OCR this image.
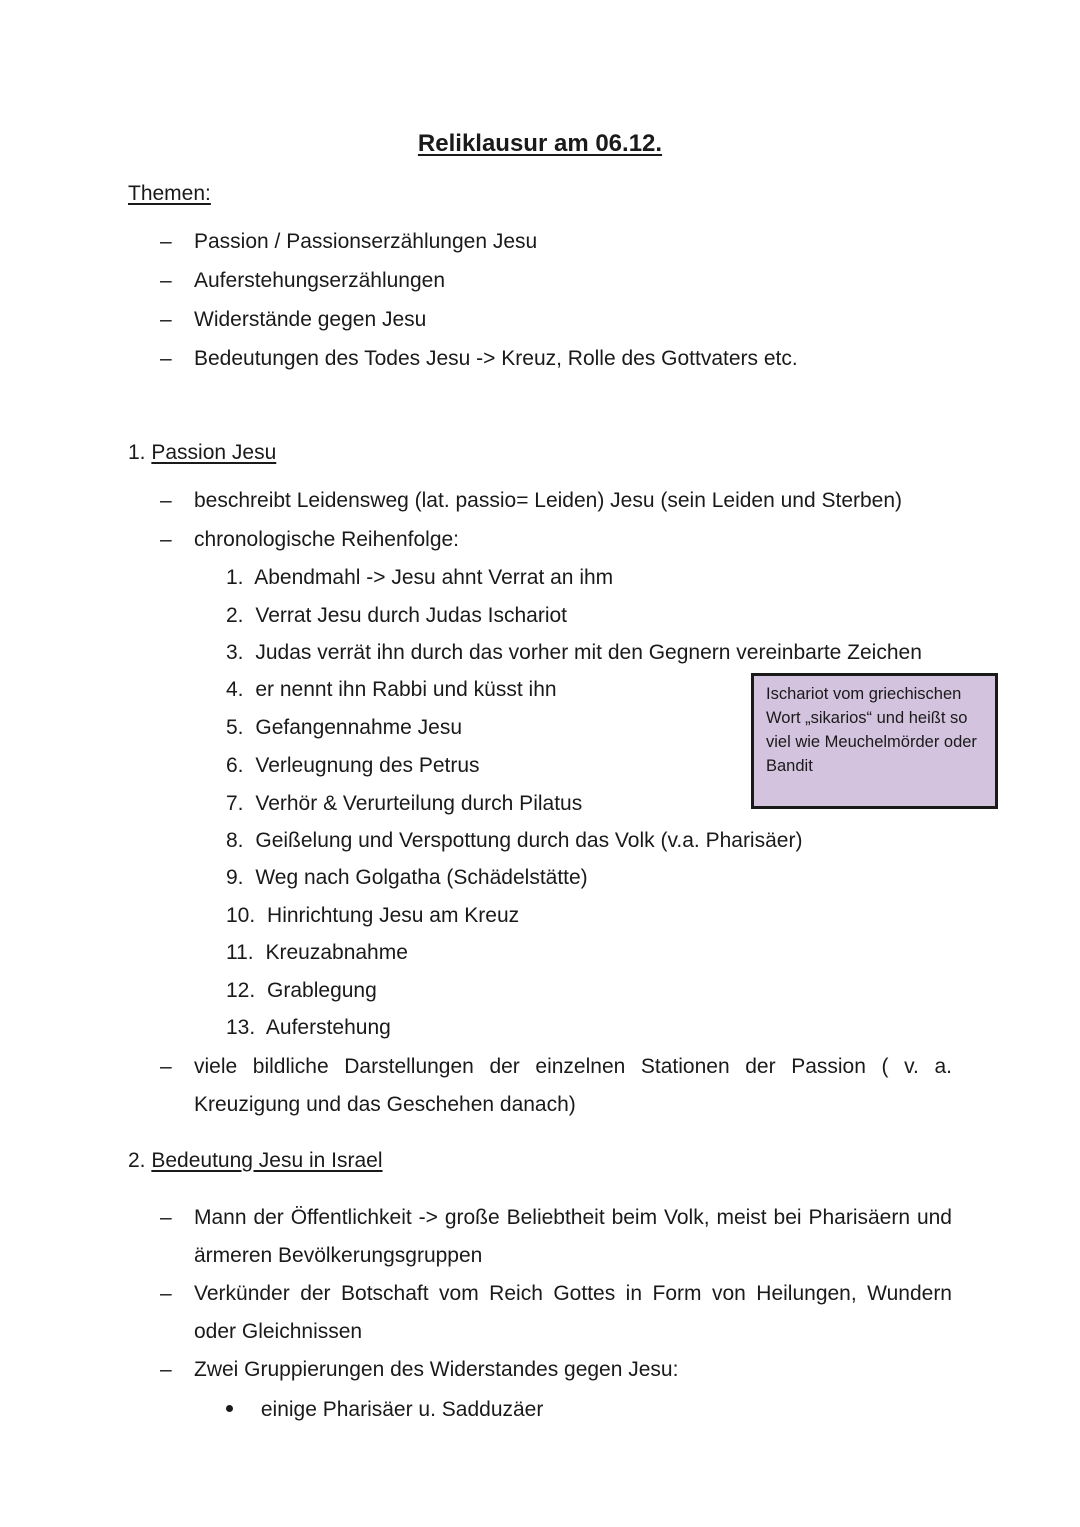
Reliklausur am 06.12.
Themen:
– Passion / Passionserzählungen Jesu
– Auferstehungserzählungen
– Widerstände gegen Jesu
– Bedeutungen des Todes Jesu -> Kreuz, Rolle des Gottvaters etc.
1. Passion Jesu
– beschreibt Leidensweg (lat. passio= Leiden) Jesu (sein Leiden und Sterben)
– chronologische Reihenfolge:
1. Abendmahl -> Jesu ahnt Verrat an ihm
2. Verrat Jesu durch Judas Ischariot
3. Judas verrät ihn durch das vorher mit den Gegnern vereinbarte Zeichen
4. er nennt ihn Rabbi und küsst ihn
5. Gefangennahme Jesu
6. Verleugnung des Petrus
7. Verhör & Verurteilung durch Pilatus
8. Geißelung und Verspottung durch das Volk (v.a. Pharisäer)
9. Weg nach Golgatha (Schädelstätte)
10. Hinrichtung Jesu am Kreuz
11. Kreuzabnahme
12. Grablegung
13. Auferstehung
– viele bildliche Darstellungen der einzelnen Stationen der Passion ( v. a. Kreuzigung und das Geschehen danach)
Ischariot vom griechischen Wort „sikarios“ und heißt so viel wie Meuchelmörder oder Bandit
2. Bedeutung Jesu in Israel
– Mann der Öffentlichkeit -> große Beliebtheit beim Volk, meist bei Pharisäern und ärmeren Bevölkerungsgruppen
– Verkünder der Botschaft vom Reich Gottes in Form von Heilungen, Wundern oder Gleichnissen
– Zwei Gruppierungen des Widerstandes gegen Jesu:
einige Pharisäer u. Sadduzäer
